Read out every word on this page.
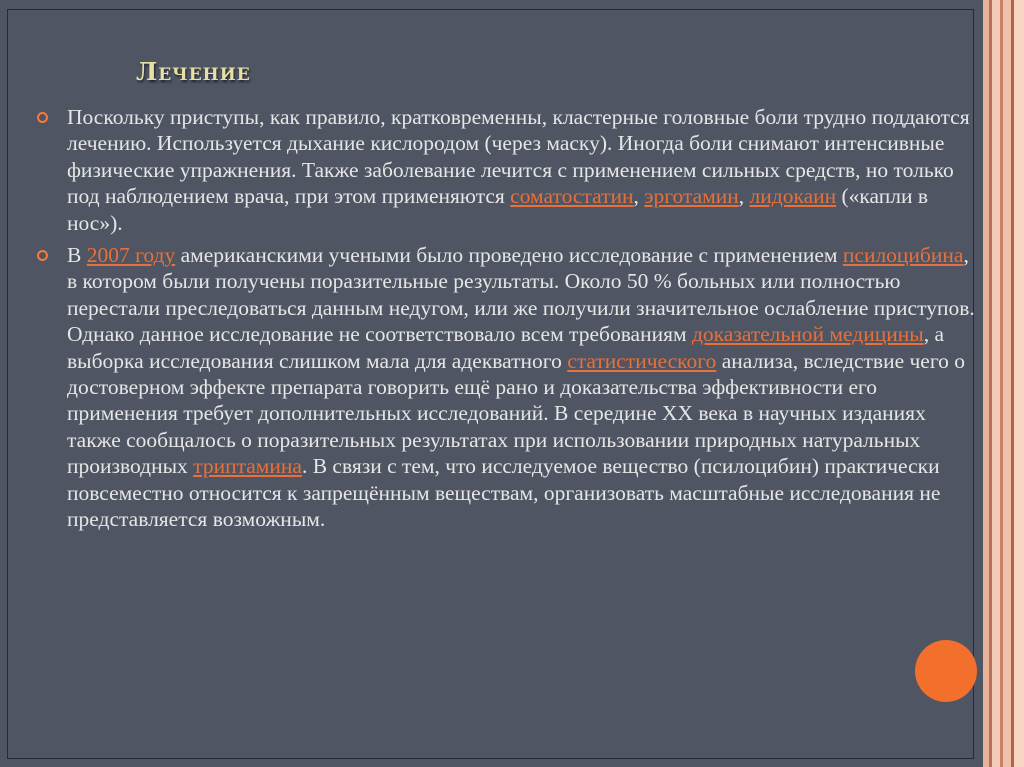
Лечение
Поскольку приступы, как правило, кратковременны, кластерные головные боли трудно поддаются лечению. Используется дыхание кислородом (через маску). Иногда боли снимают интенсивные физические упражнения. Также заболевание лечится с применением сильных средств, но только под наблюдением врача, при этом применяются соматостатин, эрготамин, лидокаин («капли в нос»).
В 2007 году американскими учеными было проведено исследование с применением псилоцибина, в котором были получены поразительные результаты. Около 50 % больных или полностью перестали преследоваться данным недугом, или же получили значительное ослабление приступов. Однако данное исследование не соответствовало всем требованиям доказательной медицины, а выборка исследования слишком мала для адекватного статистического анализа, вследствие чего о достоверном эффекте препарата говорить ещё рано и доказательства эффективности его применения требует дополнительных исследований. В середине XX века в научных изданиях также сообщалось о поразительных результатах при использовании природных натуральных производных триптамина. В связи с тем, что исследуемое вещество (псилоцибин) практически повсеместно относится к запрещённым веществам, организовать масштабные исследования не представляется возможным.
